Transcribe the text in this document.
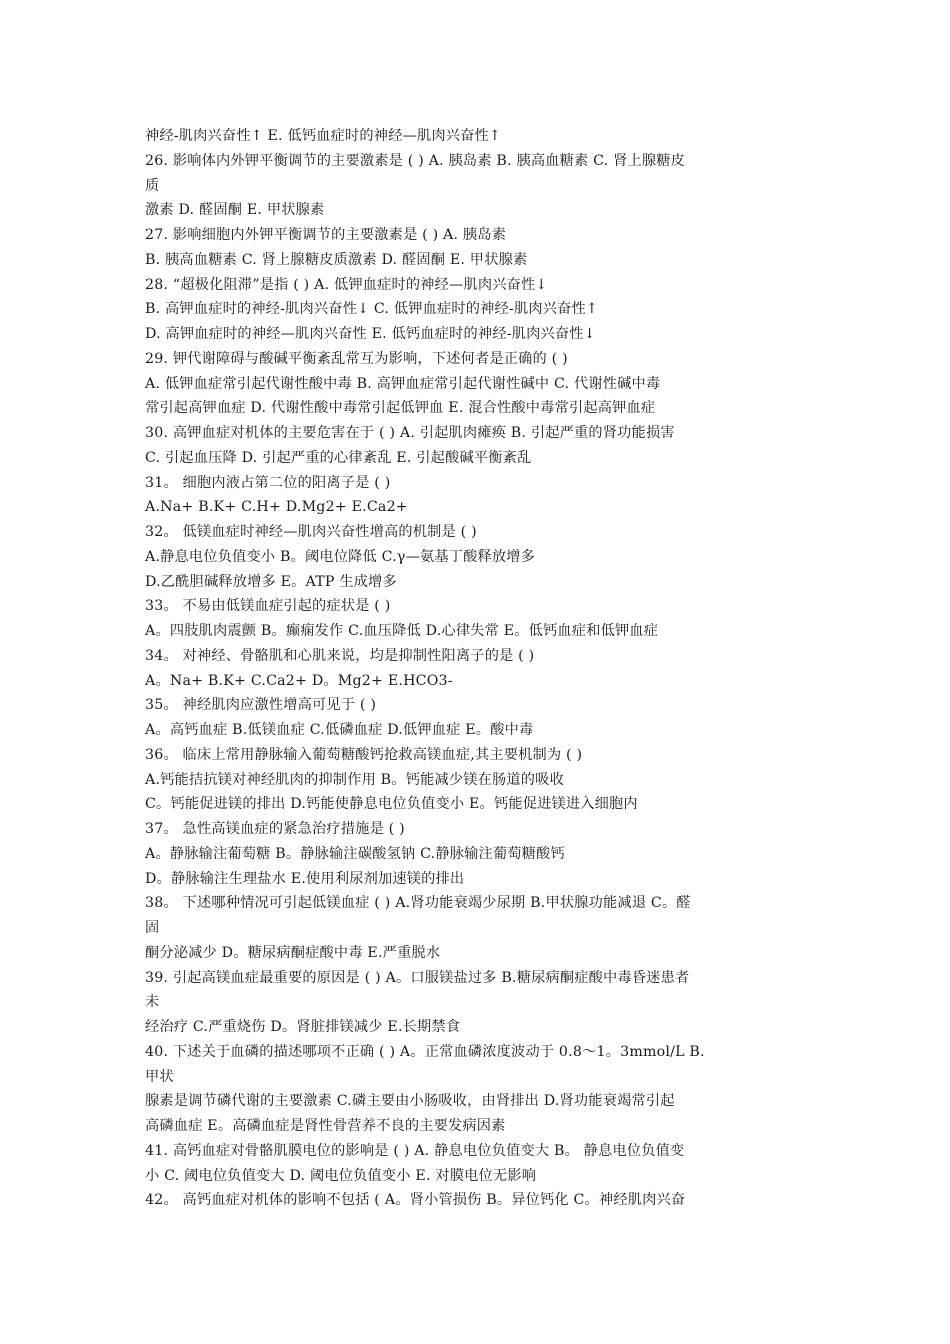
神经-肌肉兴奋性↑ E. 低钙血症时的神经—肌肉兴奋性↑
26. 影响体内外钾平衡调节的主要激素是 ( ) A. 胰岛素 B. 胰高血糖素 C. 肾上腺糖皮
质
激素 D. 醛固酮 E. 甲状腺素
27. 影响细胞内外钾平衡调节的主要激素是 ( ) A. 胰岛素
B. 胰高血糖素 C. 肾上腺糖皮质激素 D. 醛固酮 E. 甲状腺素
28. “超极化阻滞”是指 ( ) A. 低钾血症时的神经—肌肉兴奋性↓
B. 高钾血症时的神经-肌肉兴奋性↓ C. 低钾血症时的神经-肌肉兴奋性↑
D. 高钾血症时的神经—肌肉兴奋性 E. 低钙血症时的神经-肌肉兴奋性↓
29. 钾代谢障碍与酸碱平衡紊乱常互为影响，下述何者是正确的 ( )
A. 低钾血症常引起代谢性酸中毒 B. 高钾血症常引起代谢性碱中 C. 代谢性碱中毒
常引起高钾血症 D. 代谢性酸中毒常引起低钾血 E. 混合性酸中毒常引起高钾血症
30. 高钾血症对机体的主要危害在于 ( ) A. 引起肌肉瘫痪 B. 引起严重的肾功能损害
C. 引起血压降 D. 引起严重的心律紊乱 E. 引起酸碱平衡紊乱
31。 细胞内液占第二位的阳离子是 ( )
A.Na+ B.K+ C.H+ D.Mg2+ E.Ca2+
32。 低镁血症时神经—肌肉兴奋性增高的机制是 ( )
A.静息电位负值变小 B。阈电位降低 C.γ—氨基丁酸释放增多
D.乙酰胆碱释放增多 E。ATP 生成增多
33。 不易由低镁血症引起的症状是 ( )
A。四肢肌肉震颤 B。癫痫发作 C.血压降低 D.心律失常 E。低钙血症和低钾血症
34。 对神经、骨骼肌和心肌来说，均是抑制性阳离子的是 ( )
A。Na+ B.K+ C.Ca2+ D。Mg2+ E.HCO3-
35。 神经肌肉应激性增高可见于 ( )
A。高钙血症 B.低镁血症 C.低磷血症 D.低钾血症 E。酸中毒
36。 临床上常用静脉输入葡萄糖酸钙抢救高镁血症,其主要机制为 ( )
A.钙能拮抗镁对神经肌肉的抑制作用 B。钙能减少镁在肠道的吸收
C。钙能促进镁的排出 D.钙能使静息电位负值变小 E。钙能促进镁进入细胞内
37。 急性高镁血症的紧急治疗措施是 ( )
A。静脉输注葡萄糖 B。静脉输注碳酸氢钠 C.静脉输注葡萄糖酸钙
D。静脉输注生理盐水 E.使用利尿剂加速镁的排出
38。 下述哪种情况可引起低镁血症 ( ) A.肾功能衰竭少尿期 B.甲状腺功能减退 C。醛
固
酮分泌减少 D。糖尿病酮症酸中毒 E.严重脱水
39. 引起高镁血症最重要的原因是 ( ) A。口服镁盐过多 B.糖尿病酮症酸中毒昏迷患者
未
经治疗 C.严重烧伤 D。肾脏排镁减少 E.长期禁食
40. 下述关于血磷的描述哪项不正确 ( ) A。正常血磷浓度波动于 0.8～1。3mmol/L B.
甲状
腺素是调节磷代谢的主要激素 C.磷主要由小肠吸收，由肾排出 D.肾功能衰竭常引起
高磷血症 E。高磷血症是肾性骨营养不良的主要发病因素
41. 高钙血症对骨骼肌膜电位的影响是 ( ) A. 静息电位负值变大 B。 静息电位负值变
小 C. 阈电位负值变大 D. 阈电位负值变小 E. 对膜电位无影响
42。 高钙血症对机体的影响不包括 ( A。肾小管损伤 B。异位钙化 C。神经肌肉兴奋
